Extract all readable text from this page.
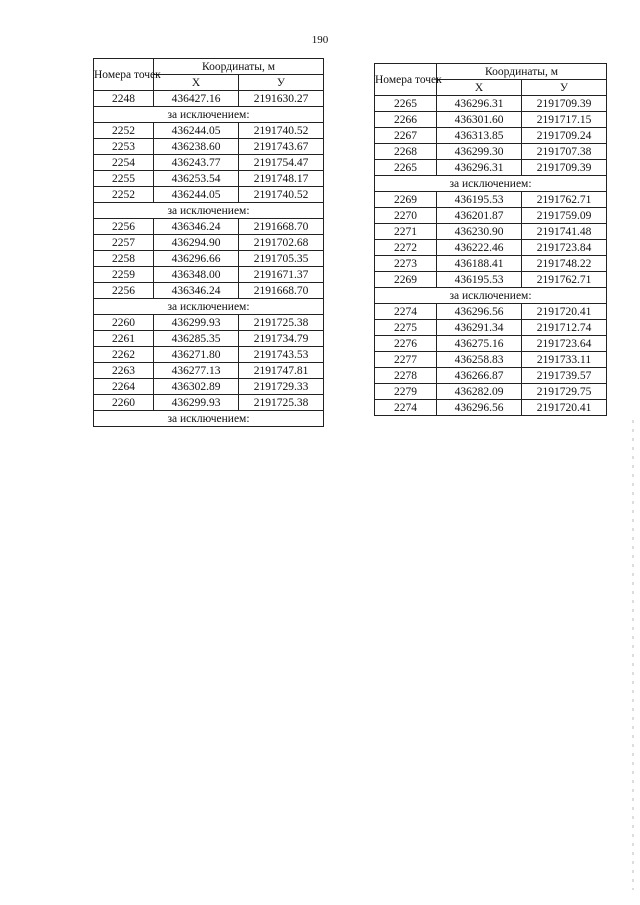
190
Номера точек	Координаты, м	
	Х	У
2248	436427.16	2191630.27
за исключением:		
2252	436244.05	2191740.52
2253	436238.60	2191743.67
2254	436243.77	2191754.47
2255	436253.54	2191748.17
2252	436244.05	2191740.52
за исключением:		
2256	436346.24	2191668.70
2257	436294.90	2191702.68
2258	436296.66	2191705.35
2259	436348.00	2191671.37
2256	436346.24	2191668.70
за исключением:		
2260	436299.93	2191725.38
2261	436285.35	2191734.79
2262	436271.80	2191743.53
2263	436277.13	2191747.81
2264	436302.89	2191729.33
2260	436299.93	2191725.38
за исключением:		
Номера точек	Координаты, м	
	Х	У
2265	436296.31	2191709.39
2266	436301.60	2191717.15
2267	436313.85	2191709.24
2268	436299.30	2191707.38
2265	436296.31	2191709.39
за исключением:		
2269	436195.53	2191762.71
2270	436201.87	2191759.09
2271	436230.90	2191741.48
2272	436222.46	2191723.84
2273	436188.41	2191748.22
2269	436195.53	2191762.71
за исключением:		
2274	436296.56	2191720.41
2275	436291.34	2191712.74
2276	436275.16	2191723.64
2277	436258.83	2191733.11
2278	436266.87	2191739.57
2279	436282.09	2191729.75
2274	436296.56	2191720.41
